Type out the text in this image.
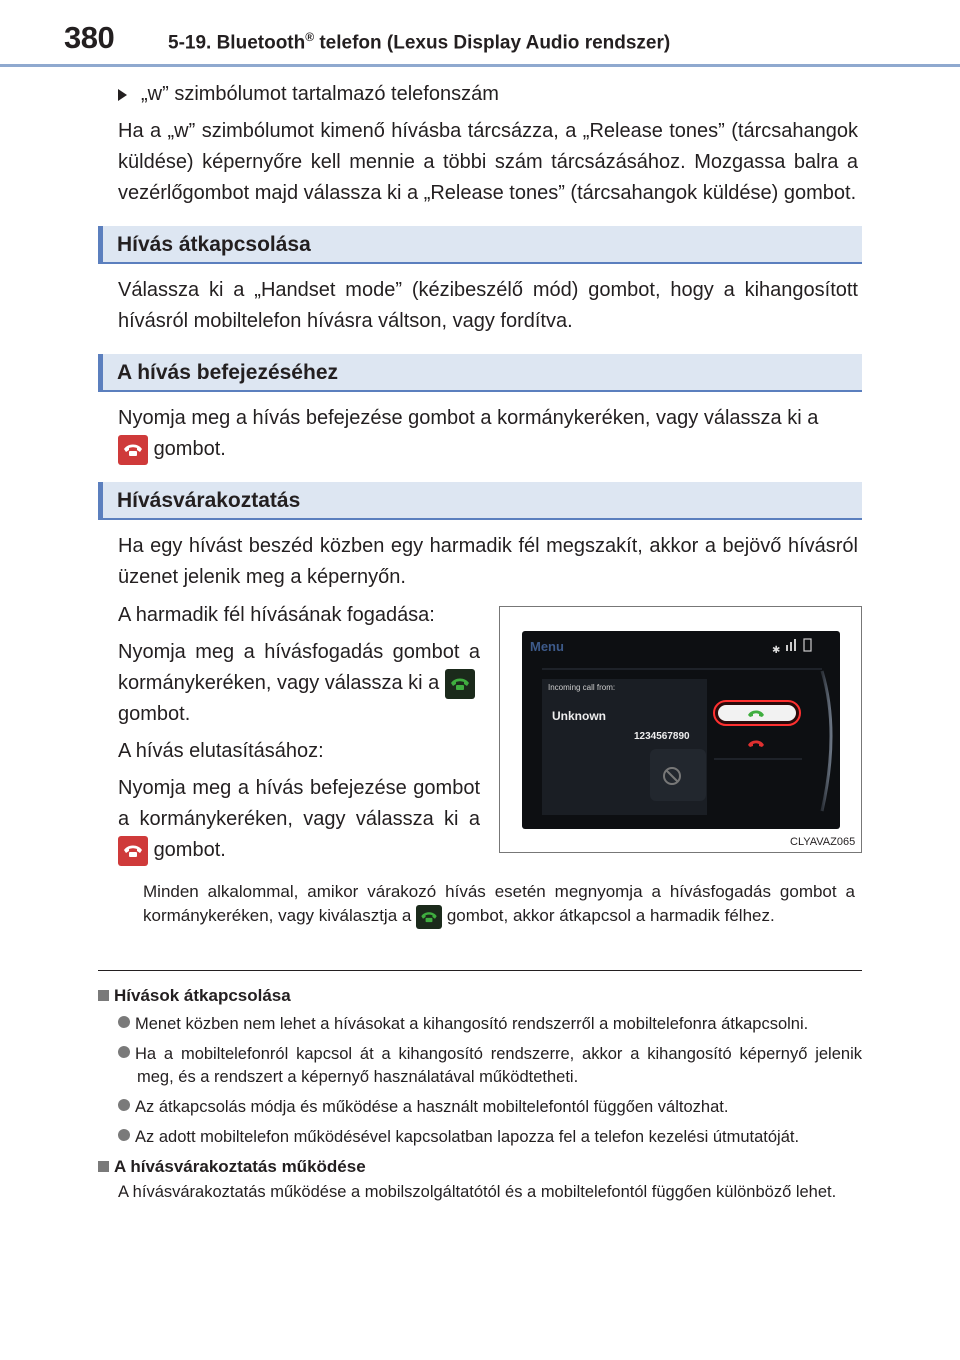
380	5-19. Bluetooth® telefon (Lexus Display Audio rendszer)
„w” szimbólumot tartalmazó telefonszám
Ha a „w” szimbólumot kimenő hívásba tárcsázza, a „Release tones” (tárcsahangok küldése) képernyőre kell mennie a többi szám tárcsázásához. Mozgassa balra a vezérlőgombot majd válassza ki a „Release tones” (tárcsahangok küldése) gombot.
Hívás átkapcsolása
Válassza ki a „Handset mode” (kézibeszélő mód) gombot, hogy a kihangosított hívásról mobiltelefon hívásra váltson, vagy fordítva.
A hívás befejezéséhez
Nyomja meg a hívás befejezése gombot a kormánykeréken, vagy válassza ki a

gombot.
Hívásvárakoztatás
Ha egy hívást beszéd közben egy harmadik fél megszakít, akkor a bejövő hívásról üzenet jelenik meg a képernyőn.
A harmadik fél hívásának fogadása:
Nyomja meg a hívásfogadás gombot a kormánykeréken, vagy válassza ki a

gombot.
A hívás elutasításához:
Nyomja meg a hívás befejezése gombot a kormánykeréken, vagy válassza ki a
gombot.
✱
Menu
Incoming call from:
Unknown
1234567890
CLYAVAZ065
Minden alkalommal, amikor várakozó hívás esetén megnyomja a hívásfogadás gombot a kormánykeréken, vagy kiválasztja a gombot, akkor átkapcsol a harmadik félhez.
Hívások átkapcsolása
Menet közben nem lehet a hívásokat a kihangosító rendszerről a mobiltelefonra átkapcsolni.
Ha a mobiltelefonról kapcsol át a kihangosító rendszerre, akkor a kihangosító képernyő jelenik meg, és a rendszert a képernyő használatával működtetheti.
Az átkapcsolás módja és működése a használt mobiltelefontól függően változhat.
Az adott mobiltelefon működésével kapcsolatban lapozza fel a telefon kezelési útmutatóját.
A hívásvárakoztatás működése
A hívásvárakoztatás működése a mobilszolgáltatótól és a mobiltelefontól függően különböző lehet.
